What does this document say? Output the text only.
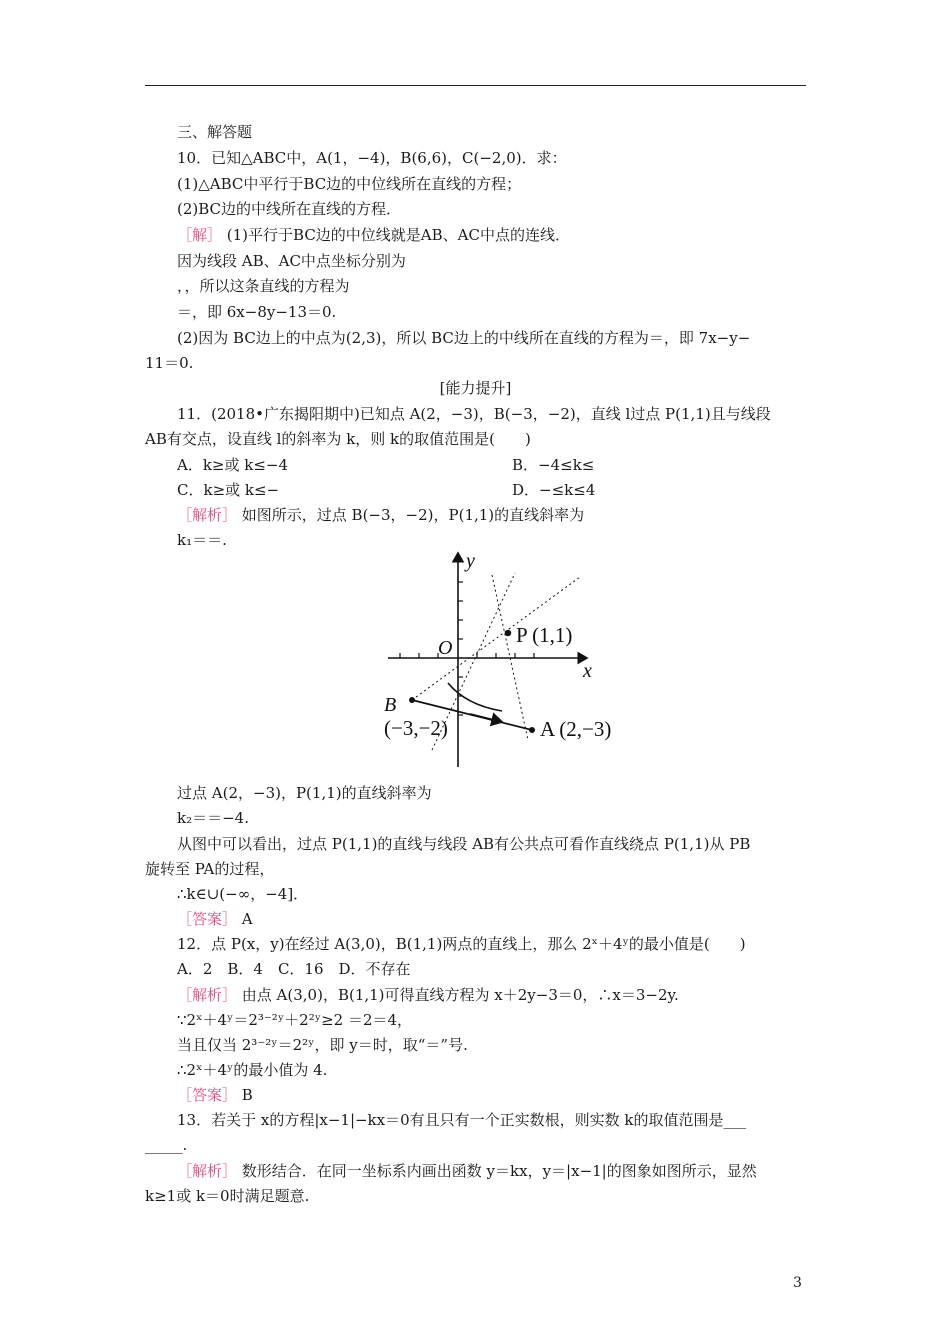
三、解答题
10．已知△ABC中，A(1，−4)，B(6,6)，C(−2,0)．求：
(1)△ABC中平行于BC边的中位线所在直线的方程；
(2)BC边的中线所在直线的方程．
［解］ (1)平行于BC边的中位线就是AB、AC中点的连线．
因为线段 AB、AC中点坐标分别为
，，所以这条直线的方程为
＝，即 6x−8y−13＝0.
(2)因为 BC边上的中点为(2,3)，所以 BC边上的中线所在直线的方程为＝，即 7x−y−
11＝0.
[能力提升]
11．(2018•广东揭阳期中)已知点 A(2，−3)，B(−3，−2)，直线 l过点 P(1,1)且与线段
AB有交点，设直线 l的斜率为 k，则 k的取值范围是(　　)
A．k≥或 k≤−4	B．−4≤k≤
C．k≥或 k≤−	D．−≤k≤4
［解析］ 如图所示，过点 B(−3，−2)，P(1,1)的直线斜率为
k₁＝＝.
过点 A(2，−3)，P(1,1)的直线斜率为
k₂＝＝−4.
从图中可以看出，过点 P(1,1)的直线与线段 AB有公共点可看作直线绕点 P(1,1)从 PB
旋转至 PA的过程，
∴k∈∪(−∞，−4]．
［答案］ A
12．点 P(x，y)在经过 A(3,0)，B(1,1)两点的直线上，那么 2ˣ＋4ʸ的最小值是(　　)
A．2　B．4　C．16　D．不存在
［解析］ 由点 A(3,0)，B(1,1)可得直线方程为 x＋2y−3＝0，∴x＝3−2y.
∵2ˣ＋4ʸ＝2³⁻²ʸ＋2²ʸ≥2 ＝2＝4，
当且仅当 2³⁻²ʸ＝2²ʸ，即 y＝时，取“＝”号.
∴2ˣ＋4ʸ的最小值为 4.
［答案］ B
13．若关于 x的方程|x−1|−kx＝0有且只有一个正实数根，则实数 k的取值范围是___
_____.
［解析］ 数形结合．在同一坐标系内画出函数 y＝kx，y＝|x−1|的图象如图所示，显然
k≥1或 k＝0时满足题意.
y
x
O
P (1,1)
B
(−3,−2)	A (2,−3)
3
